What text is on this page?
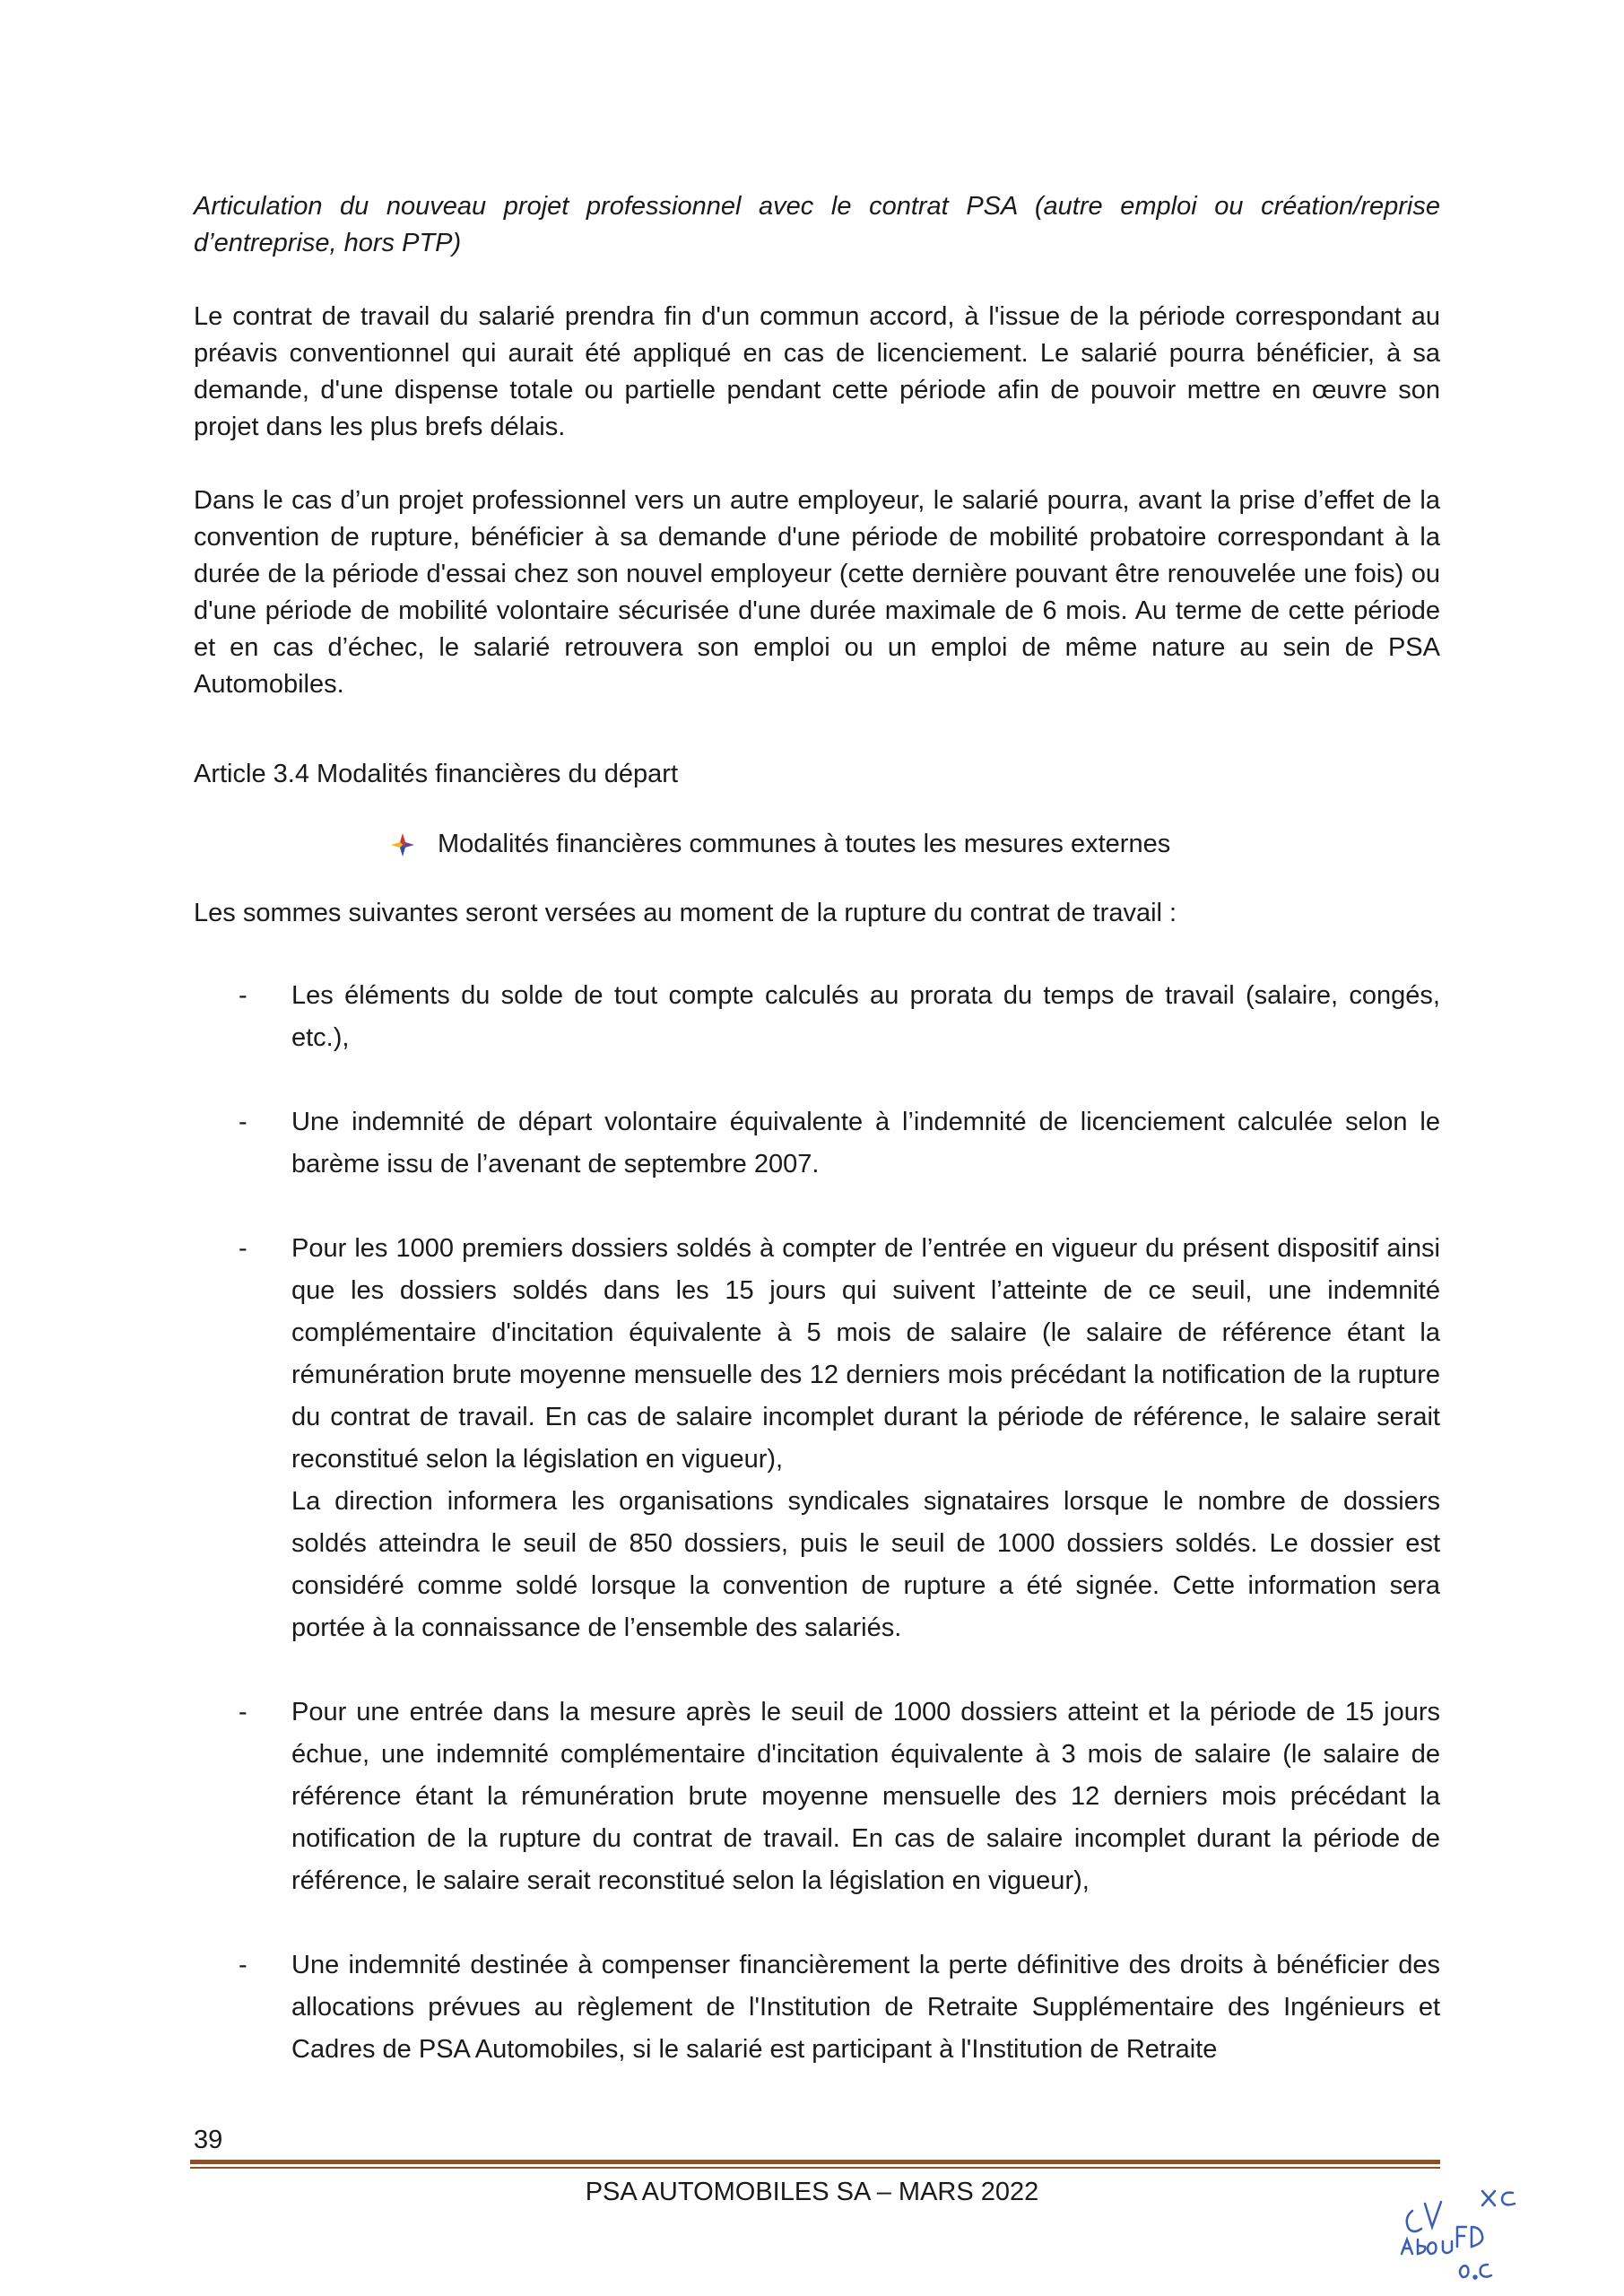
Articulation du nouveau projet professionnel avec le contrat PSA (autre emploi ou création/reprise d’entreprise, hors PTP)

Le contrat de travail du salarié prendra fin d'un commun accord, à l'issue de la période correspondant au préavis conventionnel qui aurait été appliqué en cas de licenciement. Le salarié pourra bénéficier, à sa demande, d'une dispense totale ou partielle pendant cette période afin de pouvoir mettre en œuvre son projet dans les plus brefs délais.

Dans le cas d’un projet professionnel vers un autre employeur, le salarié pourra, avant la prise d’effet de la convention de rupture, bénéficier à sa demande d'une période de mobilité probatoire correspondant à la durée de la période d'essai chez son nouvel employeur (cette dernière pouvant être renouvelée une fois) ou d'une période de mobilité volontaire sécurisée d'une durée maximale de 6 mois. Au terme de cette période et en cas d’échec, le salarié retrouvera son emploi ou un emploi de même nature au sein de PSA Automobiles.

Article 3.4 Modalités financières du départ

Modalités financières communes à toutes les mesures externes

Les sommes suivantes seront versées au moment de la rupture du contrat de travail :

- Les éléments du solde de tout compte calculés au prorata du temps de travail (salaire, congés, etc.),
- Une indemnité de départ volontaire équivalente à l’indemnité de licenciement calculée selon le barème issu de l’avenant de septembre 2007.
- Pour les 1000 premiers dossiers soldés à compter de l’entrée en vigueur du présent dispositif ainsi que les dossiers soldés dans les 15 jours qui suivent l’atteinte de ce seuil, une indemnité complémentaire d'incitation équivalente à 5 mois de salaire (le salaire de référence étant la rémunération brute moyenne mensuelle des 12 derniers mois précédant la notification de la rupture du contrat de travail. En cas de salaire incomplet durant la période de référence, le salaire serait reconstitué selon la législation en vigueur),
La direction informera les organisations syndicales signataires lorsque le nombre de dossiers soldés atteindra le seuil de 850 dossiers, puis le seuil de 1000 dossiers soldés. Le dossier est considéré comme soldé lorsque la convention de rupture a été signée. Cette information sera portée à la connaissance de l’ensemble des salariés.
- Pour une entrée dans la mesure après le seuil de 1000 dossiers atteint et la période de 15 jours échue, une indemnité complémentaire d'incitation équivalente à 3 mois de salaire (le salaire de référence étant la rémunération brute moyenne mensuelle des 12 derniers mois précédant la notification de la rupture du contrat de travail. En cas de salaire incomplet durant la période de référence, le salaire serait reconstitué selon la législation en vigueur),
- Une indemnité destinée à compenser financièrement la perte définitive des droits à bénéficier des allocations prévues au règlement de l'Institution de Retraite Supplémentaire des Ingénieurs et Cadres de PSA Automobiles, si le salarié est participant à l'Institution de Retraite
39
PSA AUTOMOBILES SA – MARS 2022
